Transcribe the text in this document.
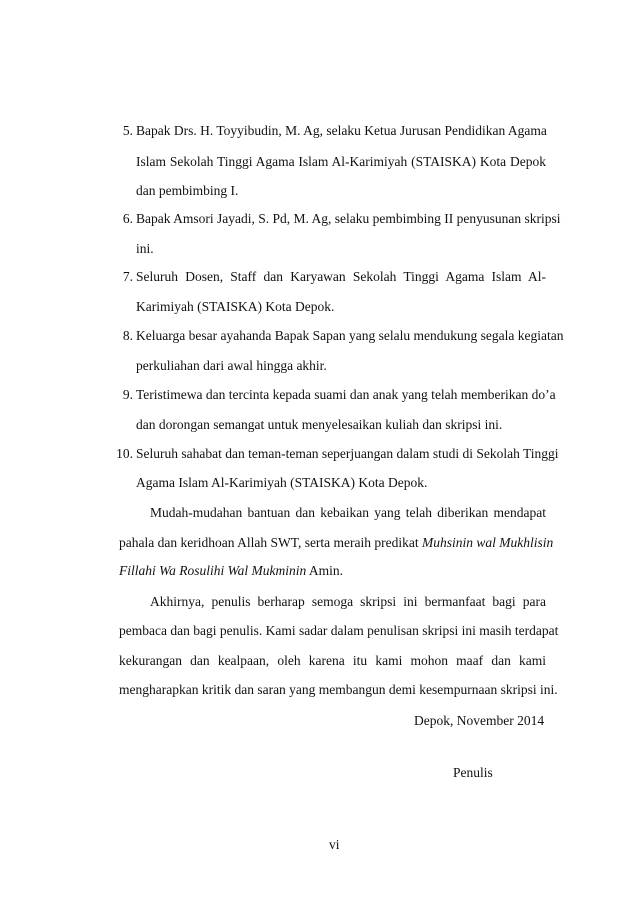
5. Bapak Drs. H. Toyyibudin, M. Ag, selaku Ketua Jurusan Pendidikan Agama
Islam Sekolah Tinggi Agama Islam Al-Karimiyah (STAISKA) Kota Depok
dan pembimbing I.
6. Bapak Amsori Jayadi, S. Pd, M. Ag, selaku pembimbing II penyusunan skripsi
ini.
7. Seluruh Dosen, Staff dan Karyawan Sekolah Tinggi Agama Islam Al-
Karimiyah (STAISKA) Kota Depok.
8. Keluarga besar ayahanda Bapak Sapan yang selalu mendukung segala kegiatan
perkuliahan dari awal hingga akhir.
9. Teristimewa dan tercinta kepada suami dan anak yang telah memberikan do’a
dan dorongan semangat untuk menyelesaikan kuliah dan skripsi ini.
10. Seluruh sahabat dan teman-teman seperjuangan dalam studi di Sekolah Tinggi
Agama Islam Al-Karimiyah (STAISKA) Kota Depok.
Mudah-mudahan bantuan dan kebaikan yang telah diberikan mendapat
pahala dan keridhoan Allah SWT, serta meraih predikat Muhsinin wal Mukhlisin
Fillahi Wa Rosulihi Wal Mukminin Amin.
Akhirnya, penulis berharap semoga skripsi ini bermanfaat bagi para
pembaca dan bagi penulis. Kami sadar dalam penulisan skripsi ini masih terdapat
kekurangan dan kealpaan, oleh karena itu kami mohon maaf dan kami
mengharapkan kritik dan saran yang membangun demi kesempurnaan skripsi ini.
Depok, November 2014
Penulis
vi
